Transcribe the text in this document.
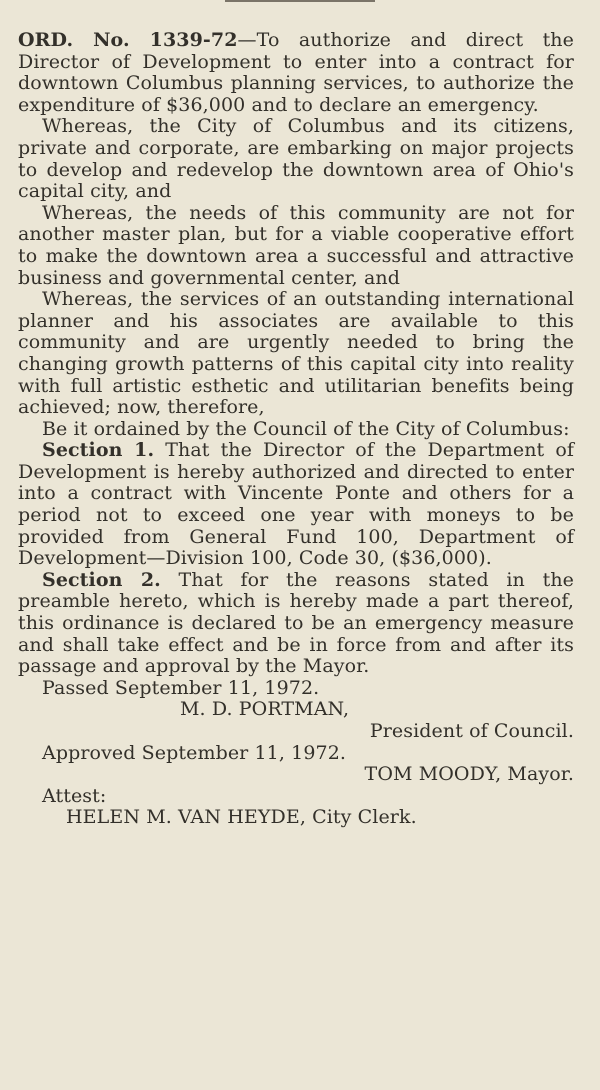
ORD. No. 1339-72—To authorize and direct the Director of Development to enter into a contract for downtown Columbus planning services, to authorize the expenditure of $36,000 and to declare an emergency.

Whereas, the City of Columbus and its citizens, private and corporate, are embarking on major projects to develop and redevelop the downtown area of Ohio's capital city, and

Whereas, the needs of this community are not for another master plan, but for a viable cooperative effort to make the downtown area a successful and attractive business and governmental center, and

Whereas, the services of an outstanding international planner and his associates are available to this community and are urgently needed to bring the changing growth patterns of this capital city into reality with full artistic esthetic and utilitarian benefits being achieved; now, therefore,

Be it ordained by the Council of the City of Columbus:

Section 1. That the Director of the Department of Development is hereby authorized and directed to enter into a contract with Vincente Ponte and others for a period not to exceed one year with moneys to be provided from General Fund 100, Department of Development—Division 100, Code 30, ($36,000).

Section 2. That for the reasons stated in the preamble hereto, which is hereby made a part thereof, this ordinance is declared to be an emergency measure and shall take effect and be in force from and after its passage and approval by the Mayor.

Passed September 11, 1972.

M. D. PORTMAN,

President of Council.

Approved September 11, 1972.

TOM MOODY, Mayor.

Attest:

HELEN M. VAN HEYDE, City Clerk.
